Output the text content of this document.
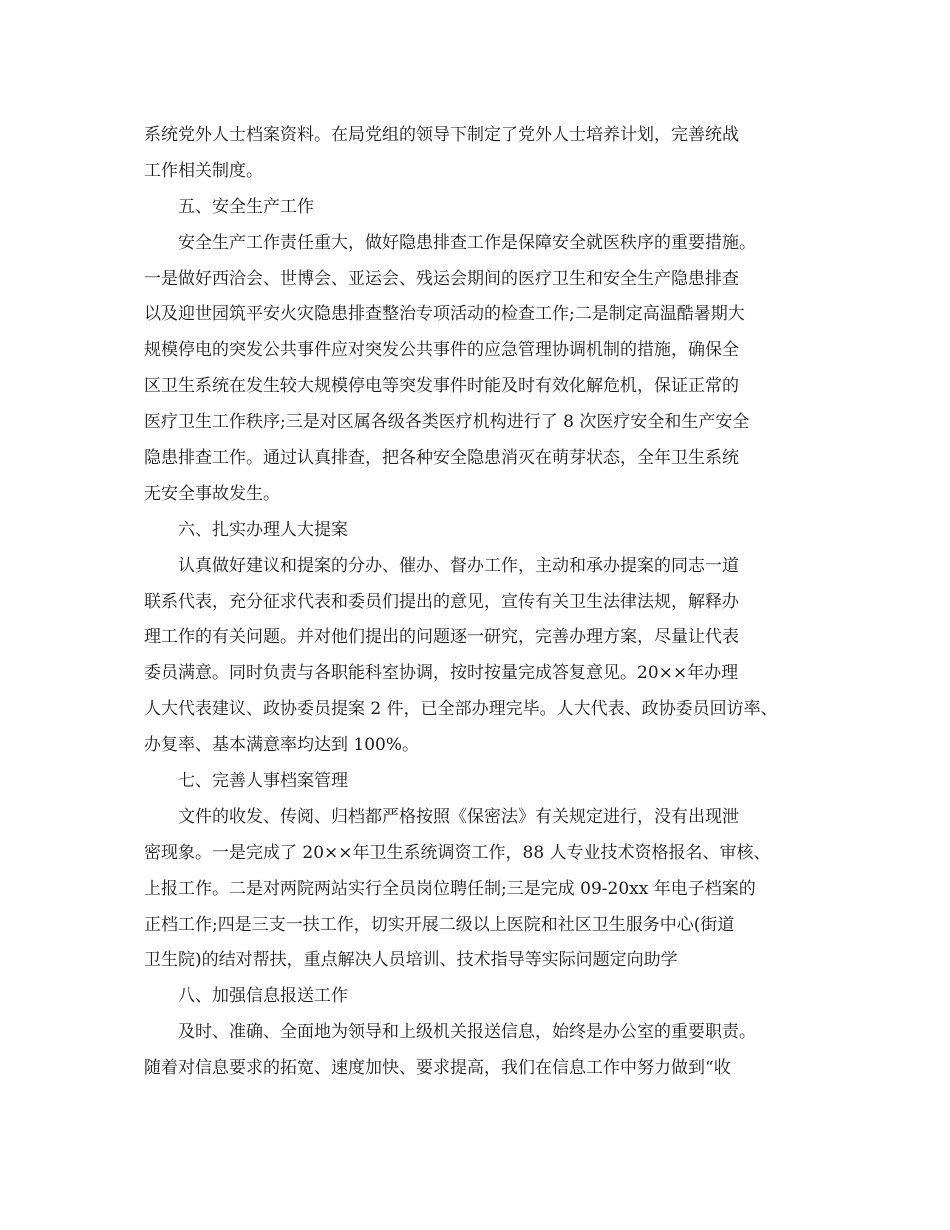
系统党外人士档案资料。在局党组的领导下制定了党外人士培养计划，完善统战
工作相关制度。
五、安全生产工作
安全生产工作责任重大，做好隐患排查工作是保障安全就医秩序的重要措施。
一是做好西洽会、世博会、亚运会、残运会期间的医疗卫生和安全生产隐患排查
以及迎世园筑平安火灾隐患排查整治专项活动的检查工作;二是制定高温酷暑期大
规模停电的突发公共事件应对突发公共事件的应急管理协调机制的措施，确保全
区卫生系统在发生较大规模停电等突发事件时能及时有效化解危机，保证正常的
医疗卫生工作秩序;三是对区属各级各类医疗机构进行了 8 次医疗安全和生产安全
隐患排查工作。通过认真排查，把各种安全隐患消灭在萌芽状态，全年卫生系统
无安全事故发生。
六、扎实办理人大提案
认真做好建议和提案的分办、催办、督办工作，主动和承办提案的同志一道
联系代表，充分征求代表和委员们提出的意见，宣传有关卫生法律法规，解释办
理工作的有关问题。并对他们提出的问题逐一研究，完善办理方案，尽量让代表
委员满意。同时负责与各职能科室协调，按时按量完成答复意见。20××年办理
人大代表建议、政协委员提案 2 件，已全部办理完毕。人大代表、政协委员回访率、
办复率、基本满意率均达到 100%。
七、完善人事档案管理
文件的收发、传阅、归档都严格按照《保密法》有关规定进行，没有出现泄
密现象。一是完成了 20××年卫生系统调资工作，88 人专业技术资格报名、审核、
上报工作。二是对两院两站实行全员岗位聘任制;三是完成 09-20xx 年电子档案的
正档工作;四是三支一扶工作，切实开展二级以上医院和社区卫生服务中心(街道
卫生院)的结对帮扶，重点解决人员培训、技术指导等实际问题定向助学
八、加强信息报送工作
及时、准确、全面地为领导和上级机关报送信息，始终是办公室的重要职责。
随着对信息要求的拓宽、速度加快、要求提高，我们在信息工作中努力做到“收
